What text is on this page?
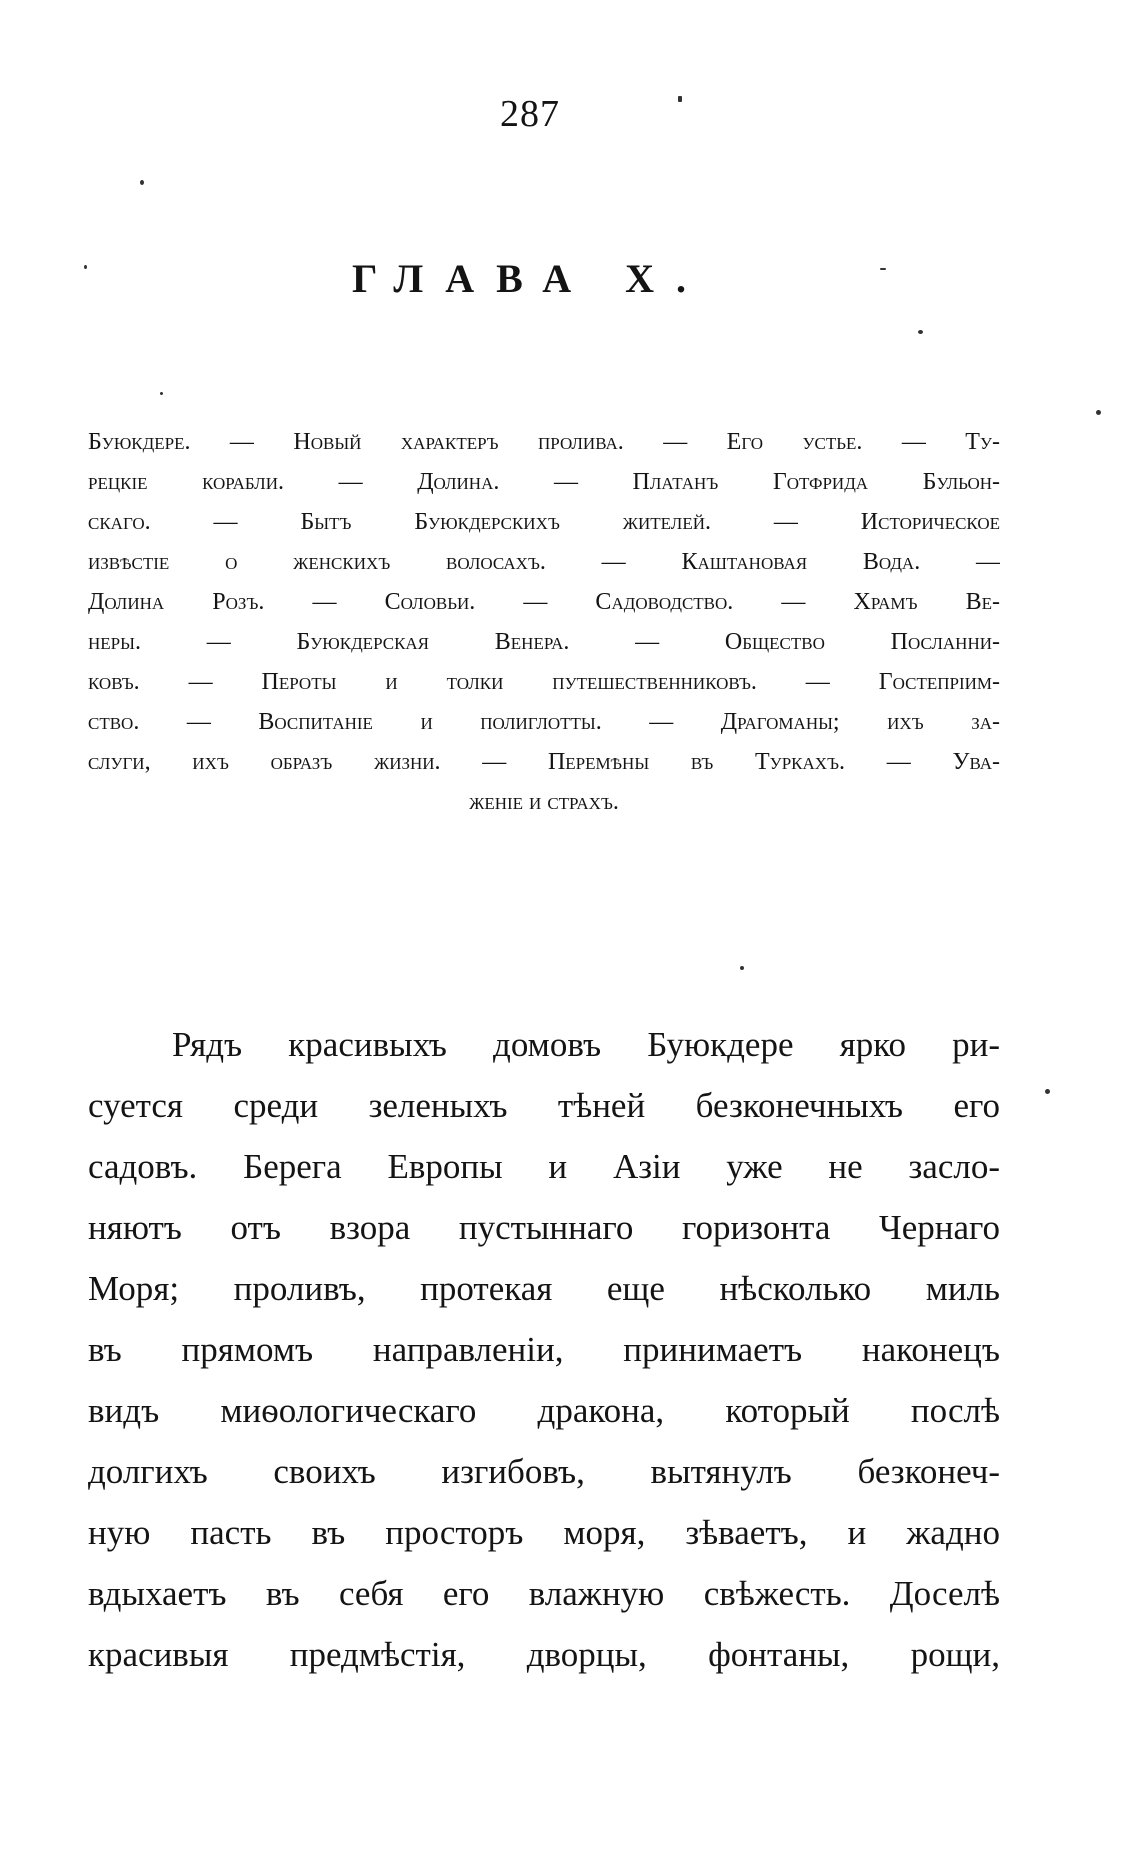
287
ГЛАВА X.
Буюкдере. — Новый характеръ пролива. — Его устье. — Ту-
рецкіе корабли. — Долина. — Платанъ Готфрида Бульон-
скаго. — Бытъ Буюкдерскихъ жителей. — Историческое
извѣстіе о женскихъ волосахъ. — Каштановая Вода. —
Долина Розъ. — Соловьи. — Садоводство. — Храмъ Ве-
неры. — Буюкдерская Венера. — Общество Посланни-
ковъ. — Пероты и толки путешественниковъ. — Гостепріим-
ство. — Воспитаніе и полиглотты. — Драгоманы; ихъ за-
слуги, ихъ образъ жизни. — Перемѣны въ Туркахъ. — Ува-
женіе и страхъ.
Рядъ красивыхъ домовъ Буюкдере ярко ри-
суется среди зеленыхъ тѣней безконечныхъ его
садовъ. Берега Европы и Азіи уже не засло-
няютъ отъ взора пустыннаго горизонта Чернаго
Моря; проливъ, протекая еще нѣсколько миль
въ прямомъ направленіи, принимаетъ наконецъ
видъ миѳологическаго дракона, который послѣ
долгихъ своихъ изгибовъ, вытянулъ безконеч-
ную пасть въ просторъ моря, зѣваетъ, и жадно
вдыхаетъ въ себя его влажную свѣжесть. Доселѣ
красивыя предмѣстія, дворцы, фонтаны, рощи,
